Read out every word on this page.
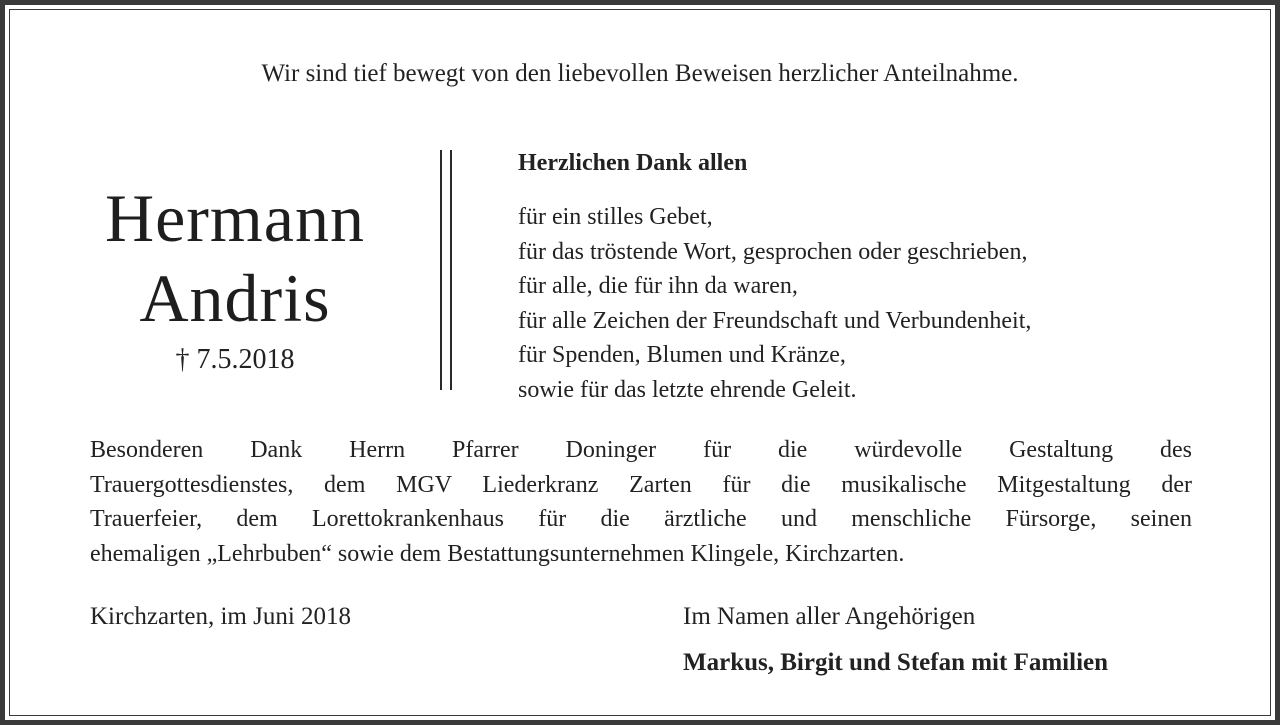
Wir sind tief bewegt von den liebevollen Beweisen herzlicher Anteilnahme.
Hermann
Andris
† 7.5.2018
Herzlichen Dank allen
für ein stilles Gebet,
für das tröstende Wort, gesprochen oder geschrieben,
für alle, die für ihn da waren,
für alle Zeichen der Freundschaft und Verbundenheit,
für Spenden, Blumen und Kränze,
sowie für das letzte ehrende Geleit.
Besonderen Dank Herrn Pfarrer Doninger für die würdevolle Gestaltung des
Trauergottesdienstes, dem MGV Liederkranz Zarten für die musikalische Mitgestaltung der
Trauerfeier, dem Lorettokrankenhaus für die ärztliche und menschliche Fürsorge, seinen
ehemaligen „Lehrbuben“ sowie dem Bestattungsunternehmen Klingele, Kirchzarten.
Kirchzarten, im Juni 2018	Im Namen aller Angehörigen
Markus, Birgit und Stefan mit Familien
